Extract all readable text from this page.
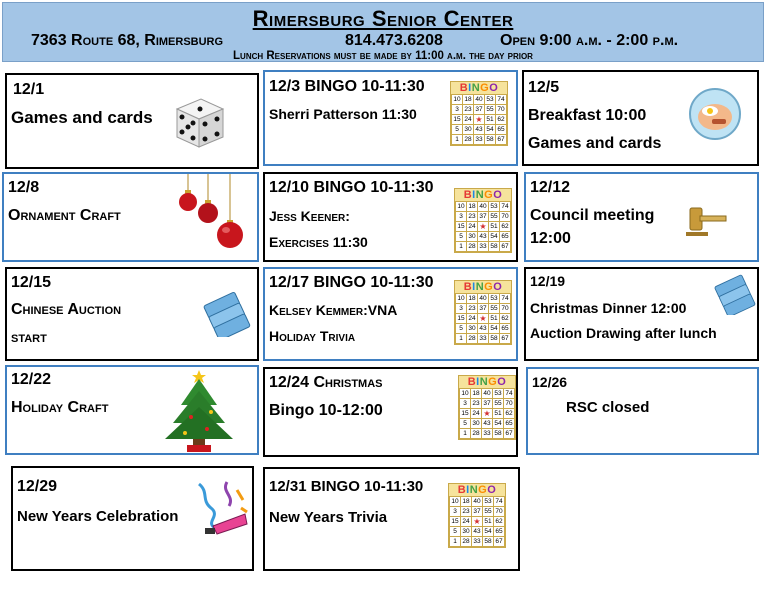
Rimersburg Senior Center
7363 Route 68, Rimersburg	814.473.6208	Open 9:00 a.m. - 2:00 p.m.
Lunch Reservations must be made by 11:00 a.m. the day prior
12/1
Games and cards
12/3 BINGO 10-11:30
Sherri Patterson 11:30
BINGO
10	18	40	53	74
3	23	37	55	70
15	24	★	51	62
5	30	43	54	65
1	28	33	58	67
12/5
Breakfast 10:00
Games and cards
12/8
Ornament Craft
12/10 BINGO 10-11:30
Jess Keener:
Exercises 11:30
BINGO
10	18	40	53	74
3	23	37	55	70
15	24	★	51	62
5	30	43	54	65
1	28	33	58	67
12/12
Council meeting
12:00
12/15
Chinese Auction
start
12/17 BINGO 10-11:30
Kelsey Kemmer:VNA
Holiday Trivia
BINGO
10	18	40	53	74
3	23	37	55	70
15	24	★	51	62
5	30	43	54	65
1	28	33	58	67
12/19
Christmas Dinner 12:00
Auction Drawing after lunch
12/22
Holiday Craft
12/24 Christmas
Bingo 10-12:00
BINGO
10	18	40	53	74
3	23	37	55	70
15	24	★	51	62
5	30	43	54	65
1	28	33	58	67
12/26
RSC closed
12/29
New Years Celebration
12/31 BINGO 10-11:30
New Years Trivia
BINGO
10	18	40	53	74
3	23	37	55	70
15	24	★	51	62
5	30	43	54	65
1	28	33	58	67
